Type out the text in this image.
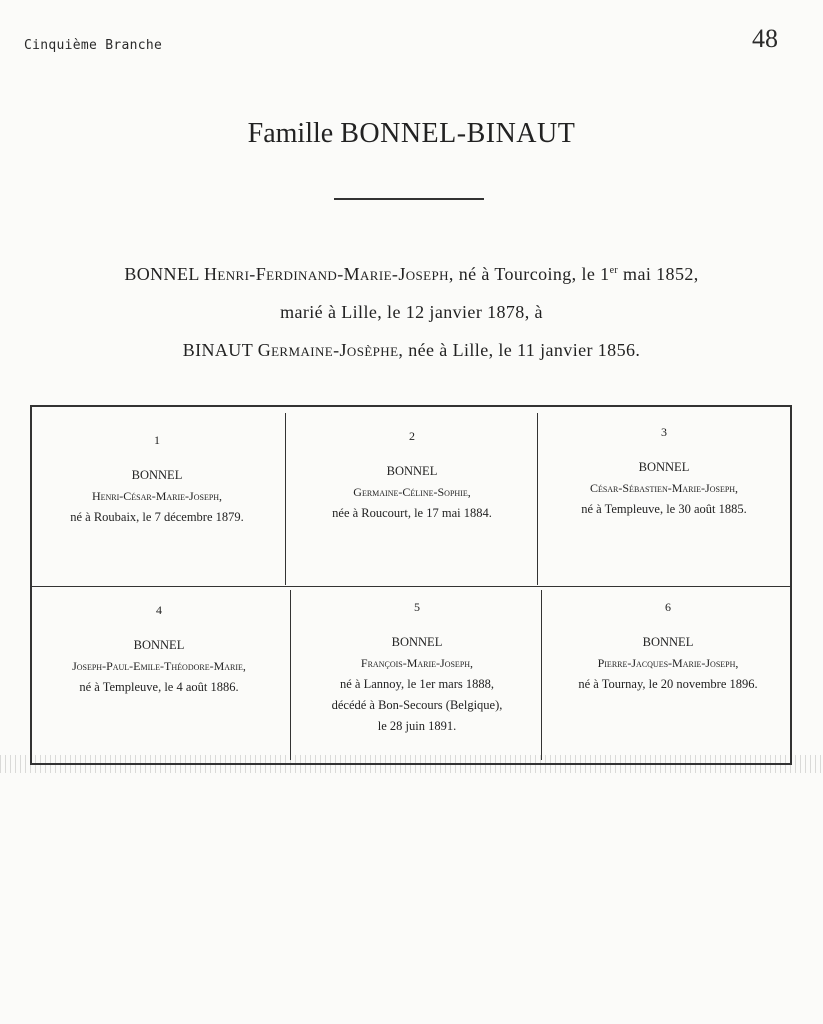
Cinquième Branche	48
Famille BONNEL-BINAUT
BONNEL Henri-Ferdinand-Marie-Joseph, né à Tourcoing, le 1er mai 1852,
marié à Lille, le 12 janvier 1878, à
BINAUT Germaine-Josèphe, née à Lille, le 11 janvier 1856.
1
BONNEL
Henri-César-Marie-Joseph,
né à Roubaix, le 7 décembre 1879.
2
BONNEL
Germaine-Céline-Sophie,
née à Roucourt, le 17 mai 1884.
3
BONNEL
César-Sébastien-Marie-Joseph,
né à Templeuve, le 30 août 1885.
4
BONNEL
Joseph-Paul-Emile-Théodore-Marie,
né à Templeuve, le 4 août 1886.
5
BONNEL
François-Marie-Joseph,
né à Lannoy, le 1er mars 1888,
décédé à Bon-Secours (Belgique),
le 28 juin 1891.
6
BONNEL
Pierre-Jacques-Marie-Joseph,
né à Tournay, le 20 novembre 1896.
